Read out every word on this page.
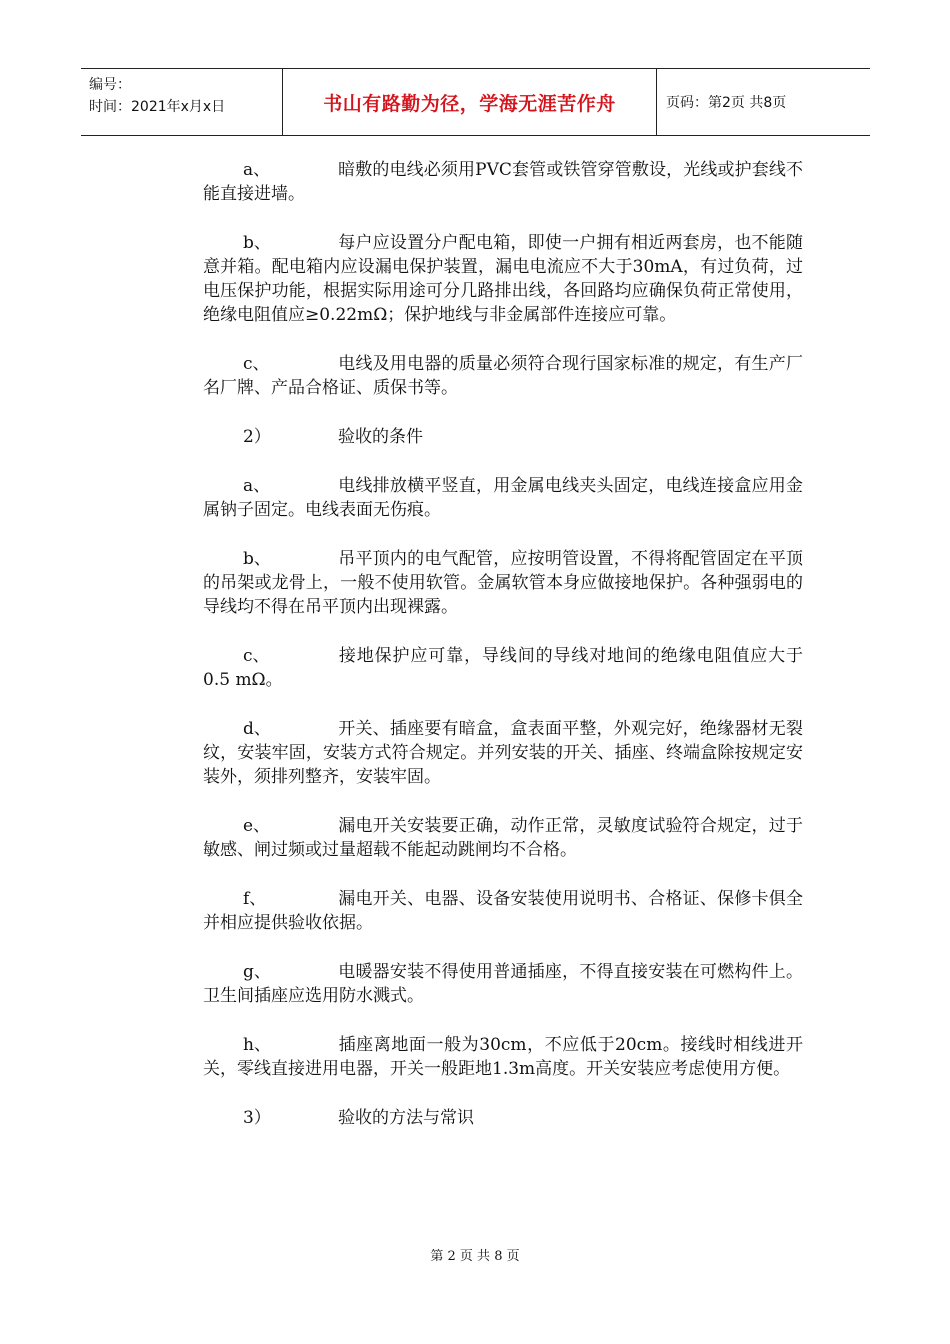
编号：
时间：2021年x月x日	书山有路勤为径，学海无涯苦作舟	页码：第2页 共8页

a、	暗敷的电线必须用PVC套管或铁管穿管敷设，光线或护套线不能直接进墙。

b、	每户应设置分户配电箱，即使一户拥有相近两套房，也不能随意并箱。配电箱内应设漏电保护装置，漏电电流应不大于30mA，有过负荷，过电压保护功能，根据实际用途可分几路排出线，各回路均应确保负荷正常使用，绝缘电阻值应≥0.22mΩ；保护地线与非金属部件连接应可靠。

c、	电线及用电器的质量必须符合现行国家标准的规定，有生产厂名厂牌、产品合格证、质保书等。

2）	验收的条件

a、	电线排放横平竖直，用金属电线夹头固定，电线连接盒应用金属钠子固定。电线表面无伤痕。

b、	吊平顶内的电气配管，应按明管设置，不得将配管固定在平顶的吊架或龙骨上，一般不使用软管。金属软管本身应做接地保护。各种强弱电的导线均不得在吊平顶内出现裸露。

c、	接地保护应可靠，导线间的导线对地间的绝缘电阻值应大于0.5 mΩ。

d、	开关、插座要有暗盒，盒表面平整，外观完好，绝缘器材无裂纹，安装牢固，安装方式符合规定。并列安装的开关、插座、终端盒除按规定安装外，须排列整齐，安装牢固。

e、	漏电开关安装要正确，动作正常，灵敏度试验符合规定，过于敏感、闸过频或过量超载不能起动跳闸均不合格。

f、	漏电开关、电器、设备安装使用说明书、合格证、保修卡俱全并相应提供验收依据。

g、	电暖器安装不得使用普通插座，不得直接安装在可燃构件上。卫生间插座应选用防水溅式。

h、	插座离地面一般为30cm，不应低于20cm。接线时相线进开关，零线直接进用电器，开关一般距地1.3m高度。开关安装应考虑使用方便。

3）	验收的方法与常识

第 2 页 共 8 页
